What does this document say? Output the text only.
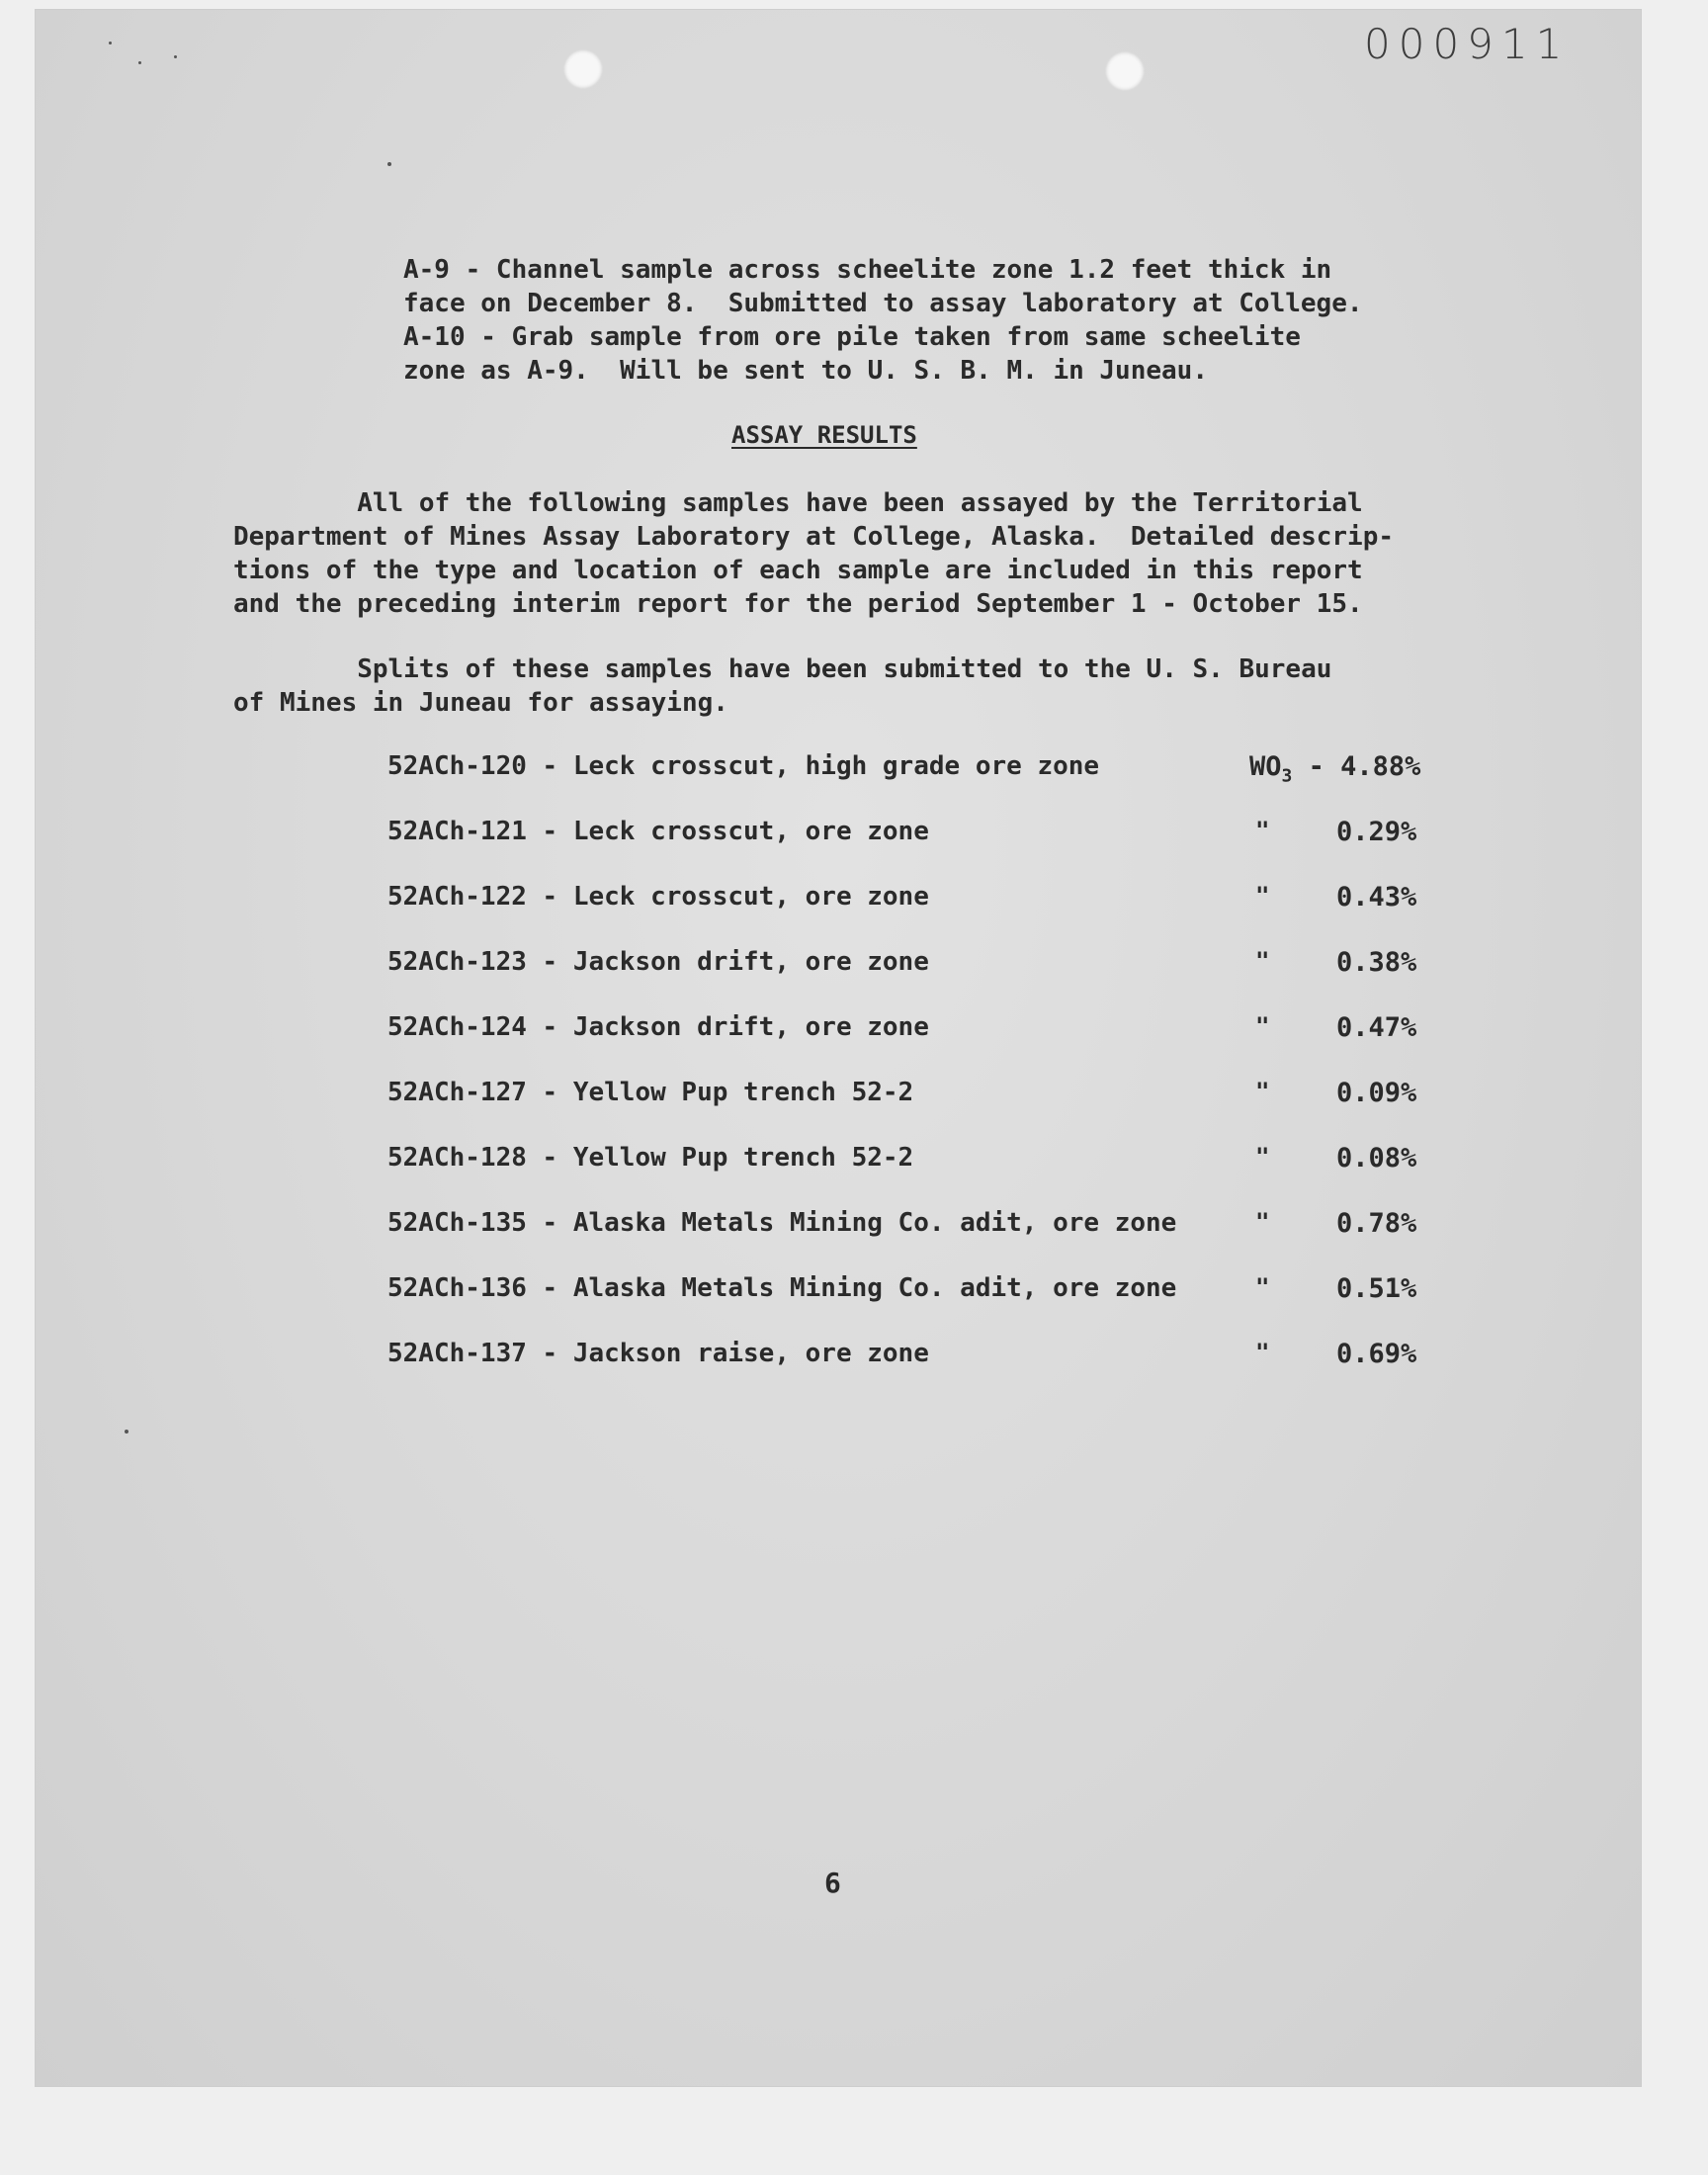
000911
A-9 - Channel sample across scheelite zone 1.2 feet thick in
face on December 8.  Submitted to assay laboratory at College.
A-10 - Grab sample from ore pile taken from same scheelite
zone as A-9.  Will be sent to U. S. B. M. in Juneau.
ASSAY RESULTS
All of the following samples have been assayed by the Territorial
Department of Mines Assay Laboratory at College, Alaska.  Detailed descrip-
tions of the type and location of each sample are included in this report
and the preceding interim report for the period September 1 - October 15.
Splits of these samples have been submitted to the U. S. Bureau
of Mines in Juneau for assaying.
52ACh-120 - Leck crosscut, high grade ore zone	$WO_3 - 4.88\%$
52ACh-121 - Leck crosscut, ore zone	"	0.29%
52ACh-122 - Leck crosscut, ore zone	"	0.43%
52ACh-123 - Jackson drift, ore zone	"	0.38%
52ACh-124 - Jackson drift, ore zone	"	0.47%
52ACh-127 - Yellow Pup trench 52-2	"	0.09%
52ACh-128 - Yellow Pup trench 52-2	"	0.08%
52ACh-135 - Alaska Metals Mining Co. adit, ore zone	"	0.78%
52ACh-136 - Alaska Metals Mining Co. adit, ore zone	"	0.51%
52ACh-137 - Jackson raise, ore zone	"	0.69%
6
